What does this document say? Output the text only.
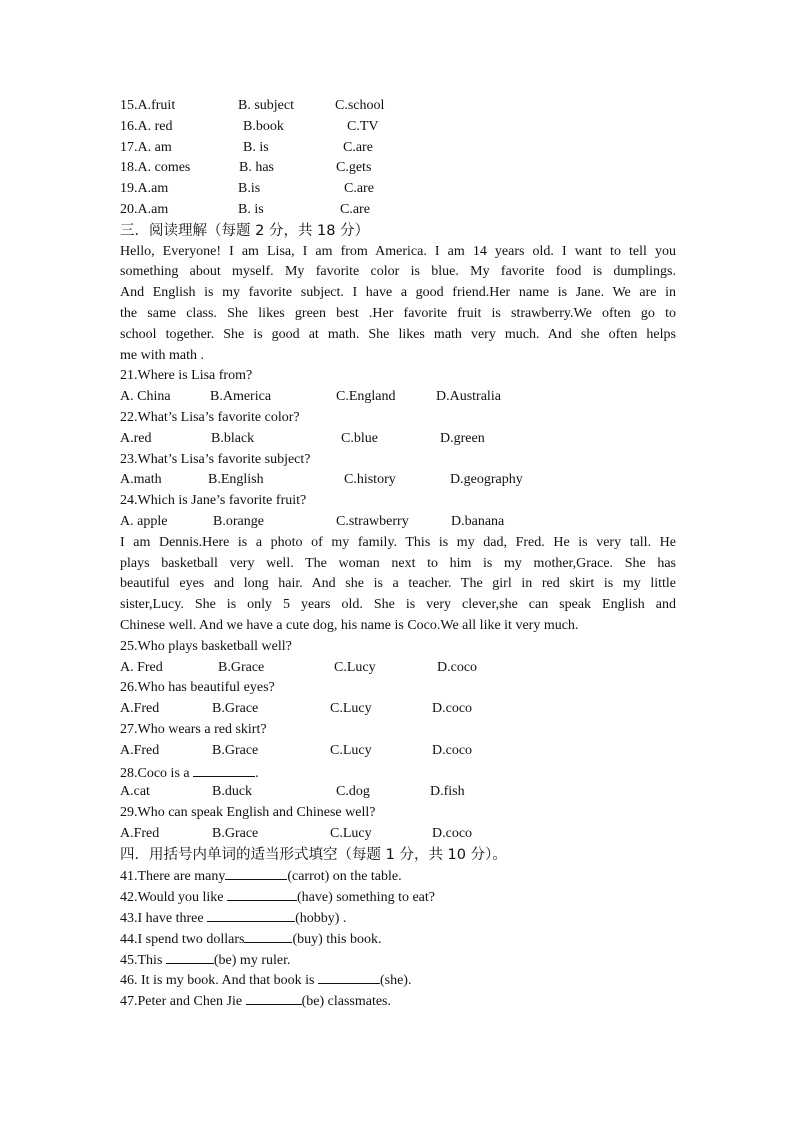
15.A.fruit	B. subject	C.school
16.A. red	B.book	C.TV
17.A. am	B. is	C.are
18.A. comes	B. has	C.gets
19.A.am	B.is	C.are
20.A.am	B. is	C.are
三．阅读理解（每题 2 分，共 18 分）
Hello, Everyone! I am Lisa, I am from America. I am 14 years old. I want to tell you
something about myself. My favorite color is blue. My favorite food is dumplings.
And English is my favorite subject. I have a good friend.Her name is Jane. We are in
the same class. She likes green best .Her favorite fruit is strawberry.We often go to
school together. She is good at math. She likes math very much. And she often helps
me with math .
21.Where is Lisa from?
A. China	B.America	C.England	D.Australia
22.What’s Lisa’s favorite color?
A.red	B.black	C.blue	D.green
23.What’s Lisa’s favorite subject?
A.math	B.English	C.history	D.geography
24.Which is Jane’s favorite fruit?
A. apple	B.orange	C.strawberry	D.banana
I am Dennis.Here is a photo of my family. This is my dad, Fred. He is very tall. He
plays basketball very well. The woman next to him is my mother,Grace. She has
beautiful eyes and long hair. And she is a teacher. The girl in red skirt is my little
sister,Lucy. She is only 5 years old. She is very clever,she can speak English and
Chinese well. And we have a cute dog, his name is Coco.We all like it very much.
25.Who plays basketball well?
A. Fred	B.Grace	C.Lucy	D.coco
26.Who has beautiful eyes?
A.Fred	B.Grace	C.Lucy	D.coco
27.Who wears a red skirt?
A.Fred	B.Grace	C.Lucy	D.coco
28.Coco is a	.
A.cat	B.duck	C.dog	D.fish
29.Who can speak English and Chinese well?
A.Fred	B.Grace	C.Lucy	D.coco
四．用括号内单词的适当形式填空（每题 1 分，共 10 分）。
41.There are many	(carrot) on the table.
42.Would you like	(have) something to eat?
43.I have three	(hobby) .
44.I spend two dollars	(buy) this book.
45.This	(be) my ruler.
46. It is my book. And that book is	(she).
47.Peter and Chen Jie	(be) classmates.
